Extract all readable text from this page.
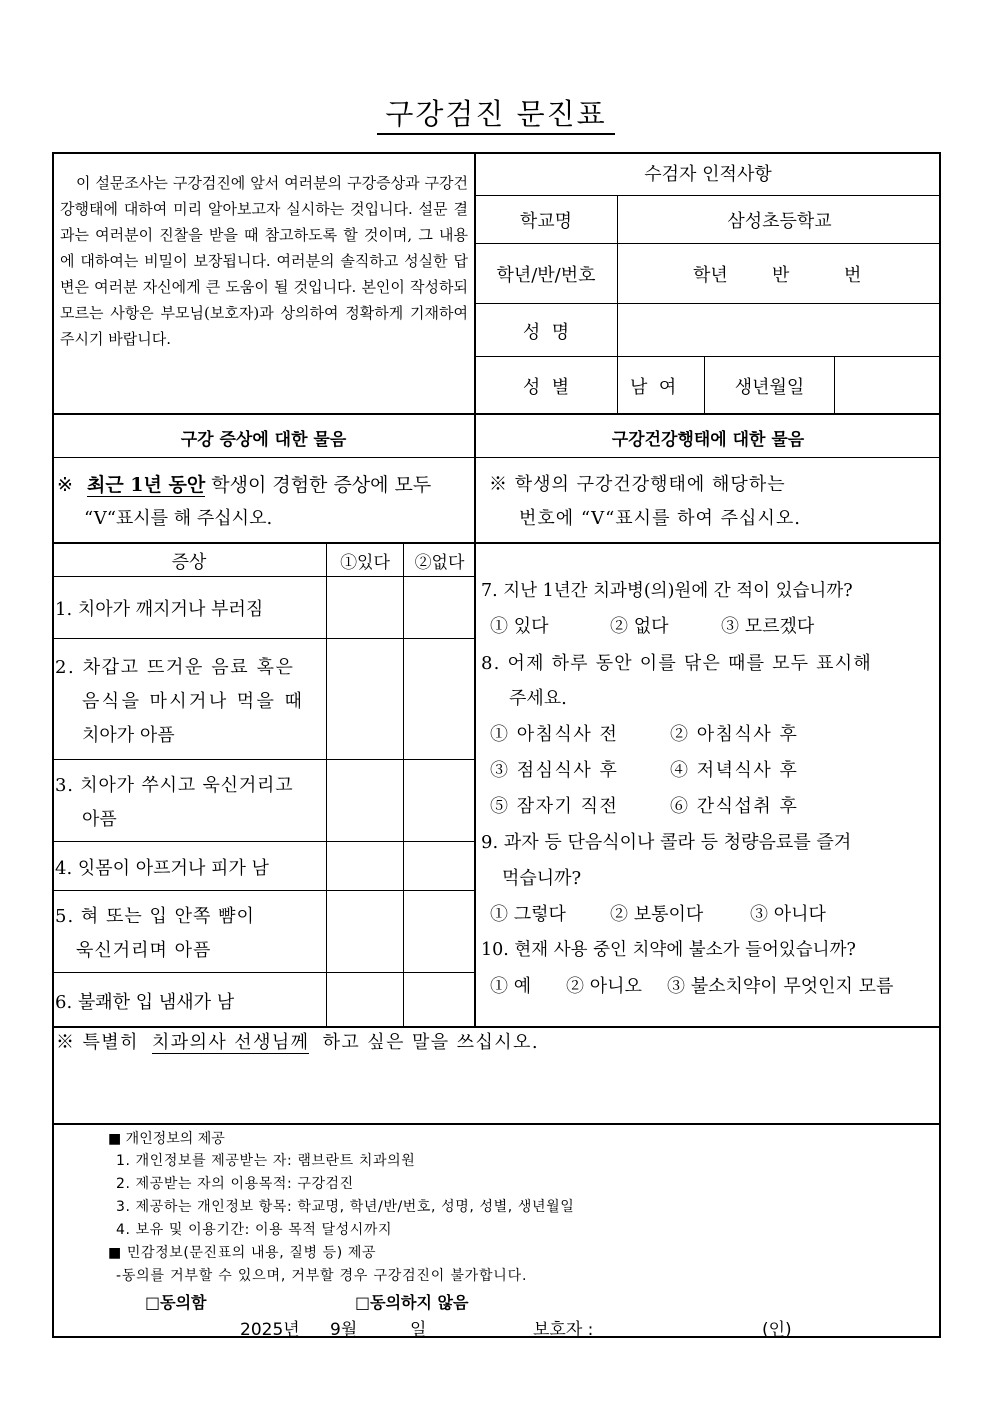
구강검진 문진표
이 설문조사는 구강검진에 앞서 여러분의 구강증상과 구강건강행태에 대하여 미리 알아보고자 실시하는 것입니다. 설문 결과는 여러분이 진찰을 받을 때 참고하도록 할 것이며, 그 내용에 대하여는 비밀이 보장됩니다. 여러분의 솔직하고 성실한 답변은 여러분 자신에게 큰 도움이 될 것입니다. 본인이 작성하되 모르는 사항은 부모님(보호자)과 상의하여 정확하게 기재하여 주시기 바랍니다.
수검자 인적사항
학교명	삼성초등학교
학년/반/번호	학년 반	번
성  명
성  별	남  여	생년월일
구강 증상에 대한 물음	구강건강행태에 대한 물음
※ 최근 1년 동안 학생이 경험한 증상에 모두
“V“표시를 해 주십시오.
※ 학생의 구강건강행태에 해당하는
번호에 “V“표시를 하여 주십시오.
증상	①있다	②없다
1. 치아가 깨지거나 부러짐
2. 차갑고 뜨거운 음료 혹은
음식을 마시거나 먹을 때
치아가 아픔
3. 치아가 쑤시고 욱신거리고
아픔
4. 잇몸이 아프거나 피가 남
5. 혀 또는 입 안쪽 뺨이
욱신거리며 아픔
6. 불쾌한 입 냄새가 남
7. 지난 1년간 치과병(의)원에 간 적이 있습니까?
① 있다	② 없다	③ 모르겠다
8. 어제 하루 동안 이를 닦은 때를 모두 표시해
주세요.
① 아침식사 전	② 아침식사 후
③ 점심식사 후	④ 저녁식사 후
⑤ 잠자기 직전	⑥ 간식섭취 후
9. 과자 등 단음식이나 콜라 등 청량음료를 즐겨
먹습니까?
① 그렇다 ② 보통이다	③ 아니다
10. 현재 사용 중인 치약에 불소가 들어있습니까?
① 예 ② 아니오 ③ 불소치약이 무엇인지 모름
※ 특별히 치과의사 선생님께 하고 싶은 말을 쓰십시오.
■ 개인정보의 제공
1. 개인정보를 제공받는 자: 램브란트 치과의원
2. 제공받는 자의 이용목적: 구강검진
3. 제공하는 개인정보 항목: 학교명, 학년/반/번호, 성명, 성별, 생년월일
4. 보유 및 이용기간: 이용 목적 달성시까지
■ 민감정보(문진표의 내용, 질병 등) 제공
-동의를 거부할 수 있으며, 거부할 경우 구강검진이 불가합니다.
□동의함	□동의하지 않음
2025년 9월	일	보호자 :	(인)
